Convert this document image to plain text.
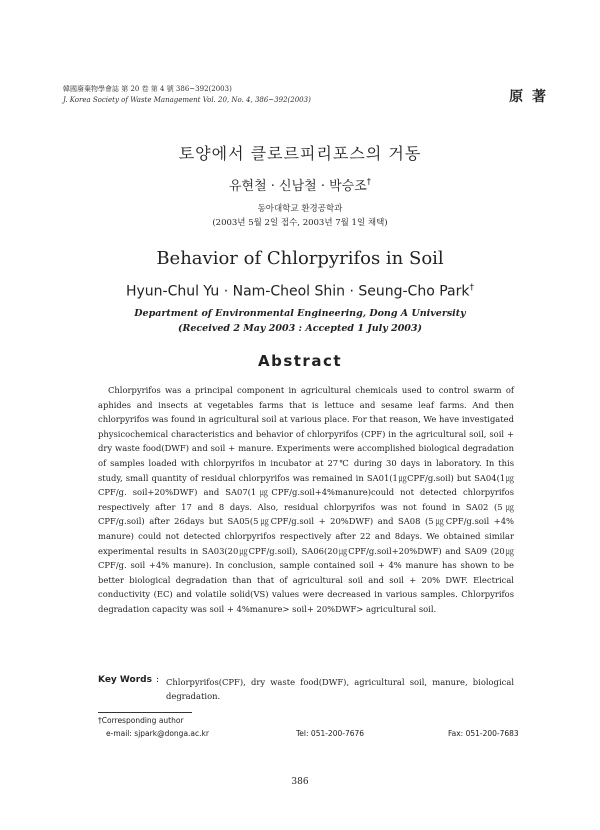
韓國廢棄物學會誌 第 20 卷 第 4 號 386~392(2003)
J. Korea Society of Waste Management Vol. 20, No. 4, 386~392(2003)	原 著
토양에서 클로르피리포스의 거동
유현철 · 신남철 · 박승조†
동아대학교 환경공학과
(2003년 5월 2일 접수, 2003년 7월 1일 채택)
Behavior of Chlorpyrifos in Soil
Hyun-Chul Yu · Nam-Cheol Shin · Seung-Cho Park†
Department of Environmental Engineering, Dong A University
(Received 2 May 2003 : Accepted 1 July 2003)
Abstract

Chlorpyrifos was a principal component in agricultural chemicals used to control swarm of aphides and insects at vegetables farms that is lettuce and sesame leaf farms. And then chlorpyrifos was found in agricultural soil at various place. For that reason, We have investigated physicochemical characteristics and behavior of chlorpyrifos (CPF) in the agricultural soil, soil + dry waste food(DWF) and soil + manure. Experiments were accomplished biological degradation of samples loaded with chlorpyrifos in incubator at 27℃ during 30 days in laboratory. In this study, small quantity of residual chlorpyrifos was remained in SA01(1㎍CPF/g.soil) but SA04(1㎍CPF/g. soil+20%DWF) and SA07(1㎍CPF/g.soil+4%manure)could not detected chlorpyrifos respectively after 17 and 8 days. Also, residual chlorpyrifos was not found in SA02 (5㎍ CPF/g.soil) after 26days but SA05(5㎍CPF/g.soil + 20%DWF) and SA08 (5㎍CPF/g.soil +4% manure) could not detected chlorpyrifos respectively after 22 and 8days. We obtained similar experimental results in SA03(20㎍CPF/g.soil), SA06(20㎍CPF/g.soil+20%DWF) and SA09 (20㎍ CPF/g. soil +4% manure). In conclusion, sample contained soil + 4% manure has shown to be better biological degradation than that of agricultural soil and soil + 20% DWF. Electrical conductivity (EC) and volatile solid(VS) values were decreased in various samples. Chlorpyrifos degradation capacity was soil + 4%manure> soil+ 20%DWF> agricultural soil.

Key Words : Chlorpyrifos(CPF), dry waste food(DWF), agricultural soil, manure, biological degradation.

†Corresponding author
e-mail: sjpark@donga.ac.kr	Tel: 051-200-7676	Fax: 051-200-7683
386
